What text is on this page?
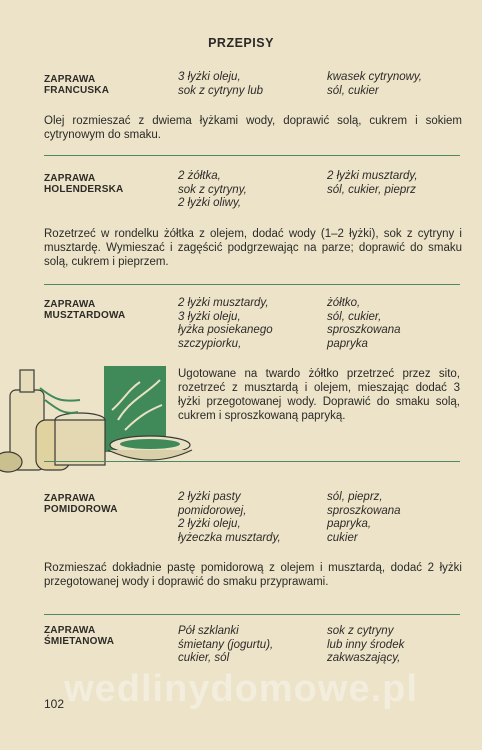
PRZEPISY
ZAPRAWA
FRANCUSKA
3 łyżki oleju,
sok z cytryny lub
kwasek cytrynowy,
sól, cukier
Olej rozmieszać z dwiema łyżkami wody, doprawić solą, cukrem i sokiem cytrynowym do smaku.
ZAPRAWA
HOLENDERSKA
2 żółtka,
sok z cytryny,
2 łyżki oliwy,
2 łyżki musztardy,
sól, cukier, pieprz
Rozetrzeć w rondelku żółtka z olejem, dodać wody (1–2 łyżki), sok z cytryny i musztardę. Wymieszać i zagęścić podgrzewając na parze; doprawić do smaku solą, cukrem i pieprzem.
ZAPRAWA
MUSZTARDOWA
2 łyżki musztardy,
3 łyżki oleju,
łyżka posiekanego
szczypiorku,
żółtko,
sól, cukier,
sproszkowana
papryka
Ugotowane na twardo żółtko przetrzeć przez sito, rozetrzeć z musztardą i olejem, mieszając dodać 3 łyżki przegotowanej wody. Doprawić do smaku solą, cukrem i sproszkowaną papryką.
ZAPRAWA
POMIDOROWA
2 łyżki pasty
pomidorowej,
2 łyżki oleju,
łyżeczka musztardy,
sól, pieprz,
sproszkowana
papryka,
cukier
Rozmieszać dokładnie pastę pomidorową z olejem i musztardą, dodać 2 łyżki przegotowanej wody i doprawić do smaku przyprawami.
ZAPRAWA
ŚMIETANOWA
Pół szklanki
śmietany (jogurtu),
cukier, sól
sok z cytryny
lub inny środek
zakwaszający,
wedlinydomowe.pl
102
